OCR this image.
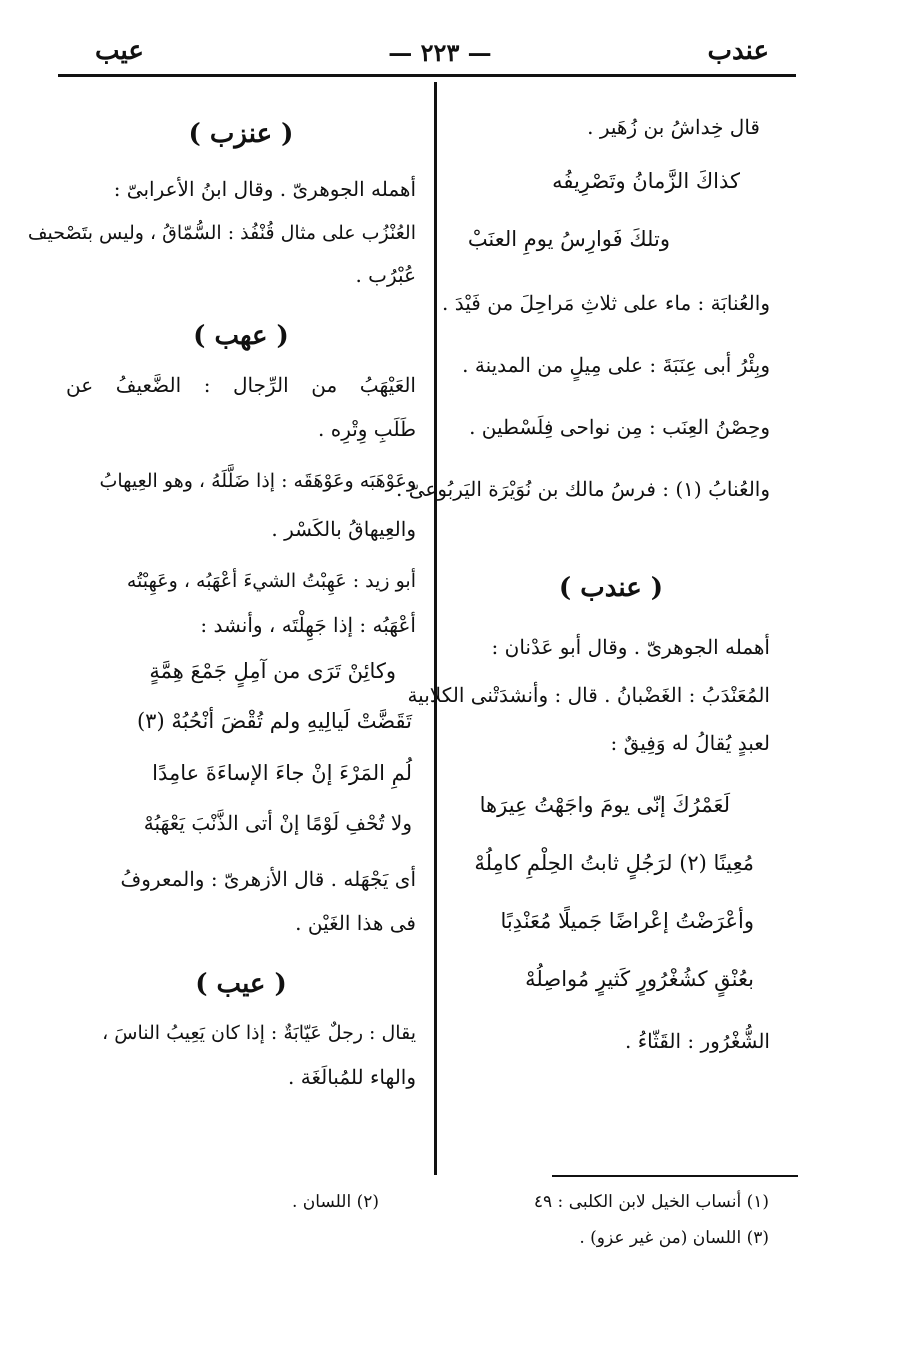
عندب
— ٢٢٣ —
عيب

قال خِداشُ بن زُهَير .

كذاكَ الزَّمانُ وتَصْرِيفُه

وتلكَ فَوارِسُ يومِ العنَبْ

والعُنابَة : ماء على ثلاثِ مَراحِلَ من فَيْدَ .

وبِئْرُ أبى عِنَبَةَ : على مِيلٍ من المدينة .

وحِصْنُ العِنَب : مِن نواحى فِلَسْطين .

والعُنابُ (١) : فرسُ مالك بن نُوَيْرَة اليَربُوعىّ .

( عندب )

أهمله الجوهرىّ . وقال أبو عَدْنان :

المُعَنْدَبُ : الغَضْبانُ . قال : وأنشدَتْنى الكلابية

لعبدٍ يُقالُ له وَفِيقٌ :

لَعَمْرُكَ إنّى يومَ واجَهْتُ عِيرَها

مُعِينًا (٢) لرَجُلٍ ثابتُ الحِلْمِ كامِلُهْ

وأعْرَضْتُ إعْراضًا جَميلًا مُعَنْدِبًا

بعُنْقٍ كشُغْرُورٍ كَثيرٍ مُواصِلُهْ

الشُّغْرُور : القَثّاءُ .

( عنزب )

أهمله الجوهرىّ . وقال ابنُ الأعرابىّ :

العُنْزُب على مثال قُنْفُذ : السُّمّاقُ ، وليس بتَصْحيف

عُبْرُب .

( عهب )

العَيْهَبُ من الرِّجال : الضَّعيفُ عن

طَلَبِ وِتْرِه .

وعَوْهَبَه وعَوْهَقَه : إذا ضَلَّلَهُ ، وهو العِيهابُ

والعِيهاقُ بالكَسْر .

أبو زيد : عَهِبْتُ الشيءَ أعْهَبُه ، وعَهِبْتُه

أعْهَبُه : إذا جَهِلْتَه ، وأنشد :

وكائِنْ تَرَى من آمِلٍ جَمْعَ هِمَّةٍ

تَقَضَّتْ لَيالِيهِ ولم تُقْضَ أنْحُبُهْ (٣)

لُمِ المَرْءَ إنْ جاءَ الإساءَةَ عامِدًا

ولا تُحْفِ لَوْمًا إنْ أتى الذَّنْبَ يَعْهَبُهْ

أى يَجْهَله . قال الأزهرىّ : والمعروفُ

فى هذا الغَيْن .

( عيب )

يقال : رجلٌ عَيّابَةٌ : إذا كان يَعِيبُ الناسَ ،

والهاء للمُبالَغَة .

(٢) اللسان .	(١) أنساب الخيل لابن الكلبى : ٤٩
(٣) اللسان (من غير عزو) .
